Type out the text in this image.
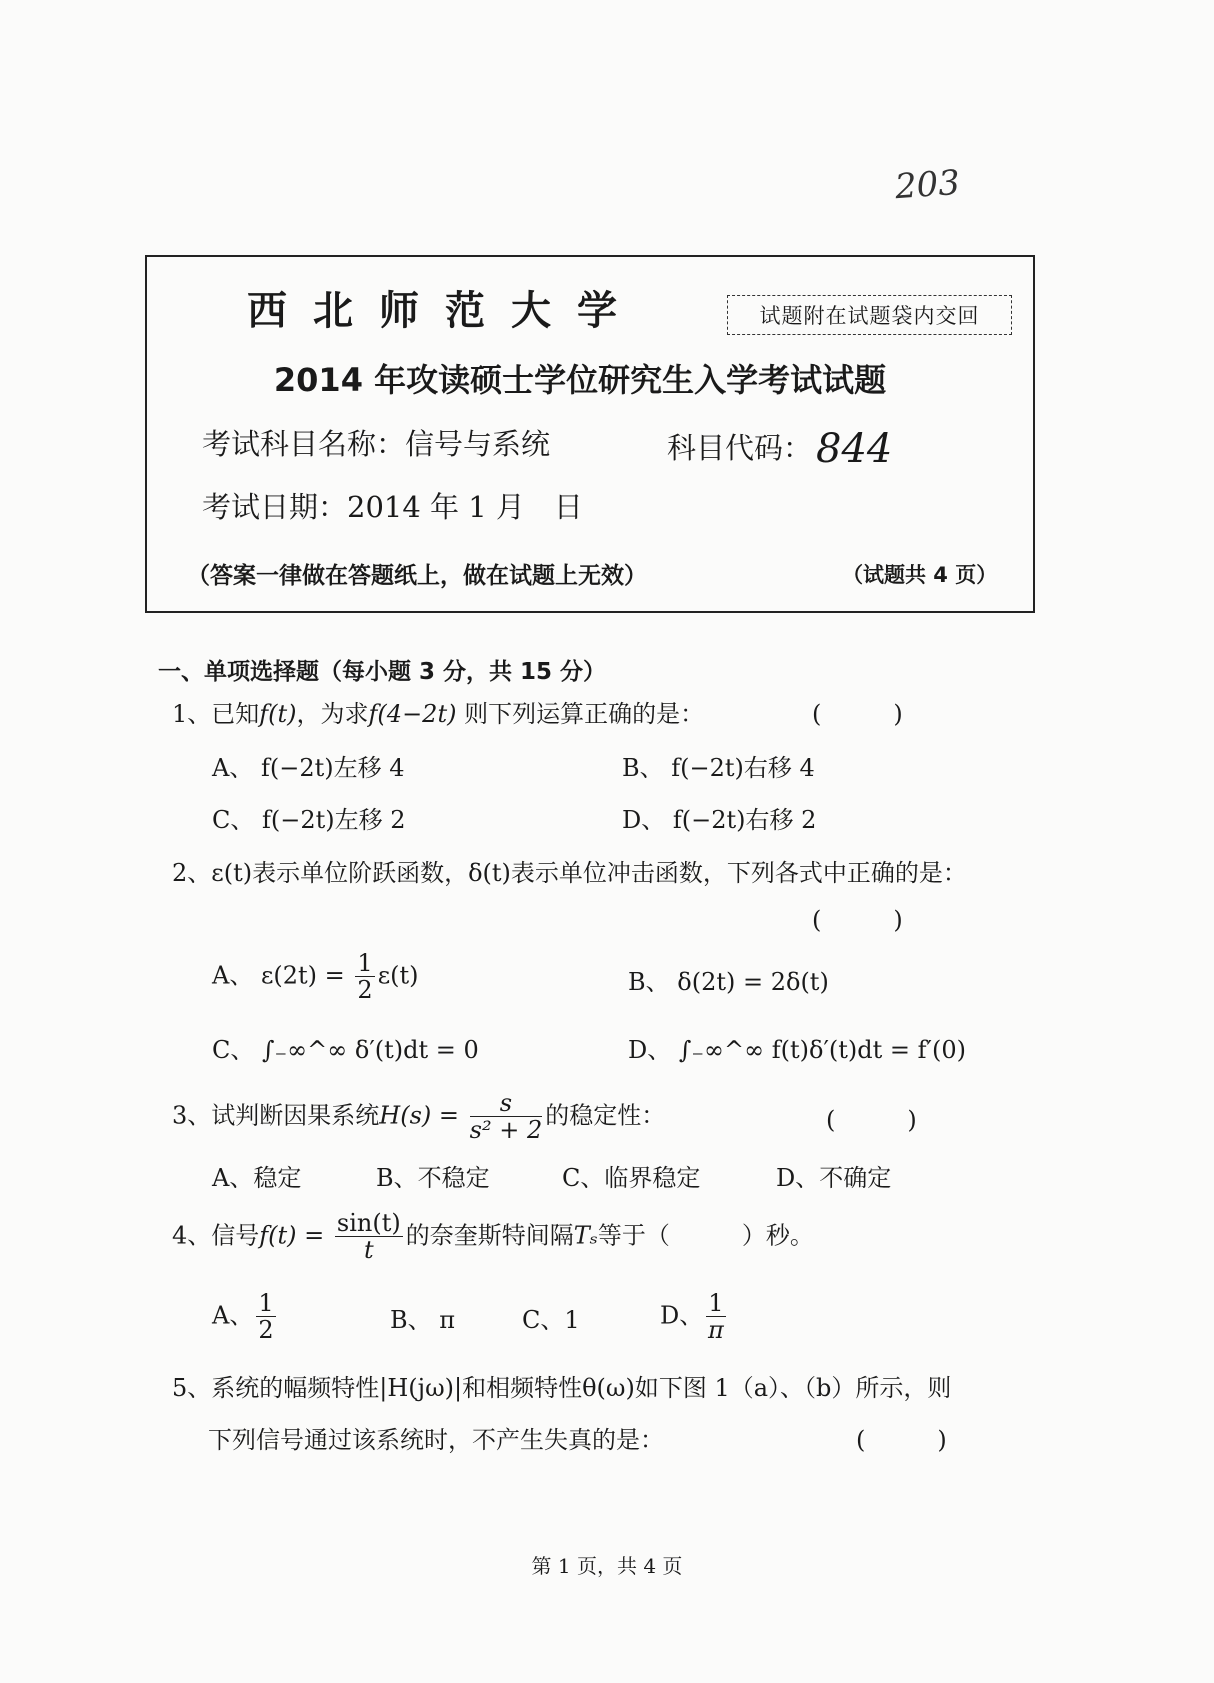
203
西北师范大学	试题附在试题袋内交回
2014 年攻读硕士学位研究生入学考试试题
考试科目名称：信号与系统	科目代码： 844
考试日期：2014 年 1 月　日
（答案一律做在答题纸上，做在试题上无效）	（试题共 4 页）
一、单项选择题（每小题 3 分，共 15 分）
1、已知f(t)，为求f(4−2t) 则下列运算正确的是：	(　　　)
A、 f(−2t)左移 4	B、 f(−2t)右移 4
C、 f(−2t)左移 2	D、 f(−2t)右移 2
2、ε(t)表示单位阶跃函数，δ(t)表示单位冲击函数，下列各式中正确的是：
(　　　)
A、 $\varepsilon(2t) = \frac{1}{2} \varepsilon(t)$	B、 δ(2t) = 2δ(t)
C、 ∫₋∞^∞ δ′(t)dt = 0	D、 ∫₋∞^∞ f(t)δ′(t)dt = f′(0)
3、试判断因果系统$H(s) = \frac{s}{\text{s² + 2}}$ 的稳定性：	(　　　)
A、稳定	B、不稳定	C、临界稳定	D、不确定
4、信号$f(t) = \frac{\sin(t)}{t}$ 的奈奎斯特间隔Tₛ等于（　　　）秒。
A、 $\frac{1}{2}$	B、 π	C、1	D、 $\frac{1}{\pi}$
5、系统的幅频特性|H(jω)|和相频特性θ(ω)如下图 1（a）、（b）所示，则
下列信号通过该系统时，不产生失真的是：	(　　　)
第 1 页，共 4 页
